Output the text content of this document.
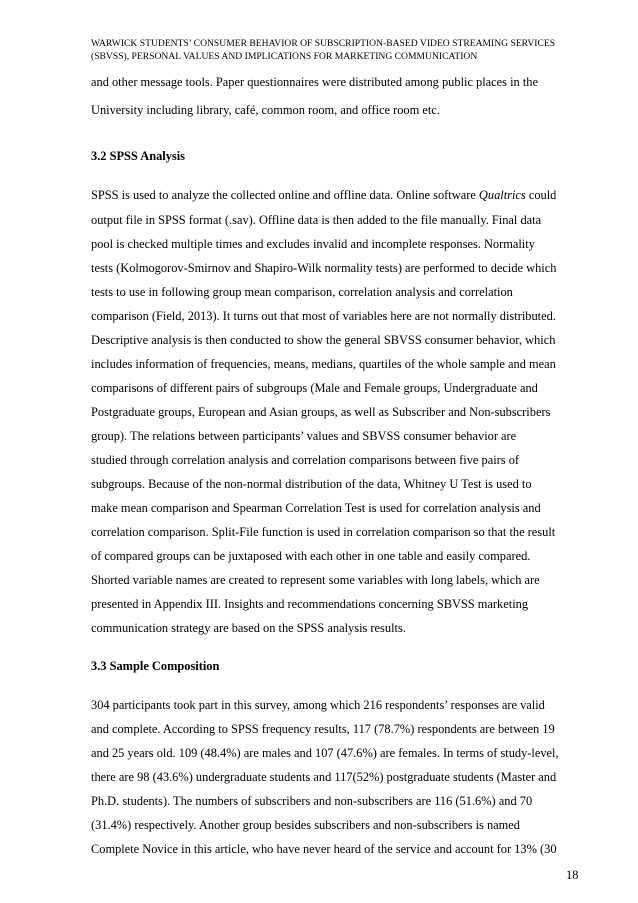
WARWICK STUDENTS’ CONSUMER BEHAVIOR OF SUBSCRIPTION-BASED VIDEO STREAMING SERVICES
(SBVSS), PERSONAL VALUES AND IMPLICATIONS FOR MARKETING COMMUNICATION
and other message tools. Paper questionnaires were distributed among public places in the
University including library, café, common room, and office room etc.
3.2 SPSS Analysis
SPSS is used to analyze the collected online and offline data. Online software Qualtrics could
output file in SPSS format (.sav). Offline data is then added to the file manually. Final data
pool is checked multiple times and excludes invalid and incomplete responses. Normality
tests (Kolmogorov-Smirnov and Shapiro-Wilk normality tests) are performed to decide which
tests to use in following group mean comparison, correlation analysis and correlation
comparison (Field, 2013). It turns out that most of variables here are not normally distributed.
Descriptive analysis is then conducted to show the general SBVSS consumer behavior, which
includes information of frequencies, means, medians, quartiles of the whole sample and mean
comparisons of different pairs of subgroups (Male and Female groups, Undergraduate and
Postgraduate groups, European and Asian groups, as well as Subscriber and Non-subscribers
group). The relations between participants’ values and SBVSS consumer behavior are
studied through correlation analysis and correlation comparisons between five pairs of
subgroups. Because of the non-normal distribution of the data, Whitney U Test is used to
make mean comparison and Spearman Correlation Test is used for correlation analysis and
correlation comparison. Split-File function is used in correlation comparison so that the result
of compared groups can be juxtaposed with each other in one table and easily compared.
Shorted variable names are created to represent some variables with long labels, which are
presented in Appendix III. Insights and recommendations concerning SBVSS marketing
communication strategy are based on the SPSS analysis results.
3.3 Sample Composition
304 participants took part in this survey, among which 216 respondents’ responses are valid
and complete. According to SPSS frequency results, 117 (78.7%) respondents are between 19
and 25 years old. 109 (48.4%) are males and 107 (47.6%) are females. In terms of study-level,
there are 98 (43.6%) undergraduate students and 117(52%) postgraduate students (Master and
Ph.D. students). The numbers of subscribers and non-subscribers are 116 (51.6%) and 70
(31.4%) respectively. Another group besides subscribers and non-subscribers is named
Complete Novice in this article, who have never heard of the service and account for 13% (30
18
